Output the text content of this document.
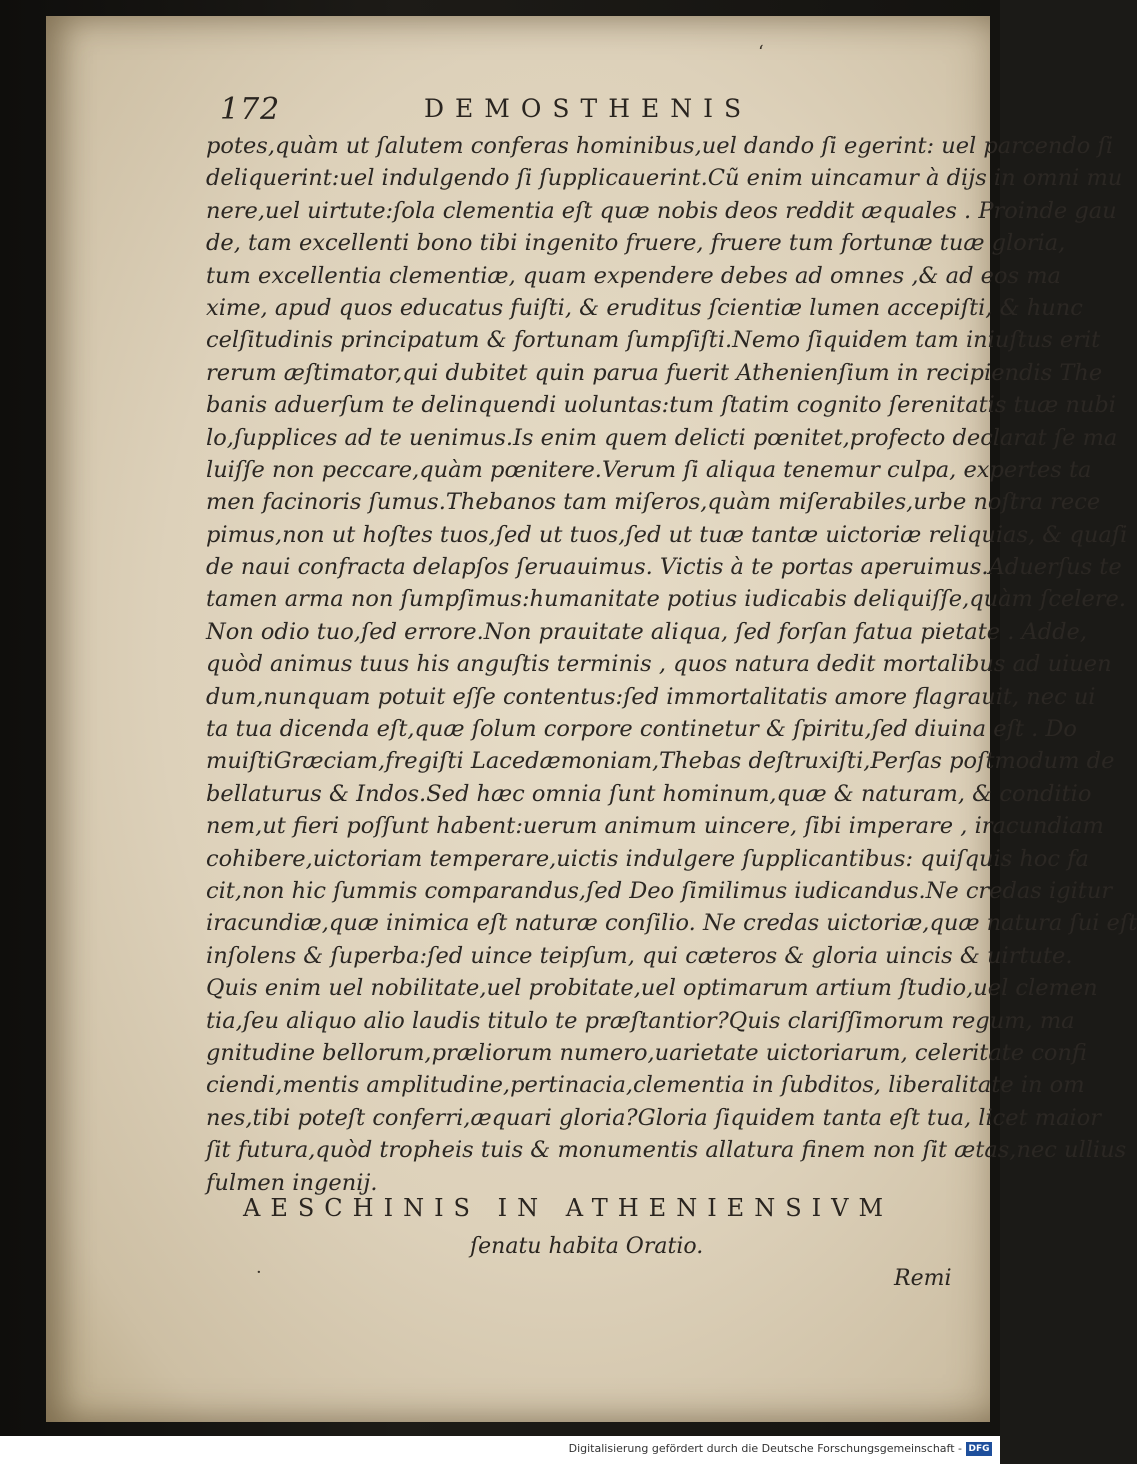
172	DEMOSTHENIS
potes,quàm ut ſalutem conferas hominibus,uel dando ſi egerint: uel parcendo ſi
deliquerint:uel indulgendo ſi ſupplicauerint.Cũ enim uincamur à dijs in omni mu
nere,uel uirtute:ſola clementia eſt quæ nobis deos reddit æquales . Proinde gau
de, tam excellenti bono tibi ingenito fruere, fruere tum fortunæ tuæ gloria,
tum excellentia clementiæ, quam expendere debes ad omnes ,& ad eos ma
xime, apud quos educatus fuiſti, & eruditus ſcientiæ lumen accepiſti, & hunc
celſitudinis principatum & fortunam ſumpſiſti.Nemo ſiquidem tam iniuſtus erit
rerum æſtimator,qui dubitet quin parua fuerit Athenienſium in recipiendis The
banis aduerſum te delinquendi uoluntas:tum ſtatim cognito ſerenitatis tuæ nubi
lo,ſupplices ad te uenimus.Is enim quem delicti pœnitet,profecto declarat ſe ma
luiſſe non peccare,quàm pœnitere.Verum ſi aliqua tenemur culpa, expertes ta
men facinoris ſumus.Thebanos tam miſeros,quàm miſerabiles,urbe noſtra rece
pimus,non ut hoſtes tuos,ſed ut tuos,ſed ut tuæ tantæ uictoriæ reliquias, & quaſi
de naui confracta delapſos ſeruauimus. Victis à te portas aperuimus.Aduerſus te
tamen arma non ſumpſimus:humanitate potius iudicabis deliquiſſe,quàm ſcelere.
Non odio tuo,ſed errore.Non prauitate aliqua, ſed forſan fatua pietate . Adde,
quòd animus tuus his anguſtis terminis , quos natura dedit mortalibus ad uiuen
dum,nunquam potuit eſſe contentus:ſed immortalitatis amore flagrauit, nec ui
ta tua dicenda eſt,quæ ſolum corpore continetur & ſpiritu,ſed diuina eſt . Do
muiſtiGræciam,fregiſti Lacedæmoniam,Thebas deſtruxiſti,Perſas poſtmodum de
bellaturus & Indos.Sed hæc omnia ſunt hominum,quæ & naturam, & conditio
nem,ut fieri poſſunt habent:uerum animum uincere, ſibi imperare , iracundiam
cohibere,uictoriam temperare,uictis indulgere ſupplicantibus: quiſquis hoc fa
cit,non hic ſummis comparandus,ſed Deo ſimilimus iudicandus.Ne credas igitur
iracundiæ,quæ inimica eſt naturæ conſilio. Ne credas uictoriæ,quæ natura ſui eſt
inſolens & ſuperba:ſed uince teipſum, qui cæteros & gloria uincis & uirtute.
Quis enim uel nobilitate,uel probitate,uel optimarum artium ſtudio,uel clemen
tia,ſeu aliquo alio laudis titulo te præſtantior?Quis clariſſimorum regum, ma
gnitudine bellorum,præliorum numero,uarietate uictoriarum, celeritate confi
ciendi,mentis amplitudine,pertinacia,clementia in ſubditos, liberalitate in om
nes,tibi poteſt conferri,æquari gloria?Gloria ſiquidem tanta eſt tua, licet maior
ſit futura,quòd tropheis tuis & monumentis allatura finem non ſit ætas,nec ullius
fulmen ingenij.
AESCHINIS IN ATHENIENSIVM
ſenatu habita Oratio.
Remi
‘
·
Digitalisierung gefördert durch die Deutsche Forschungsgemeinschaft - DFG
